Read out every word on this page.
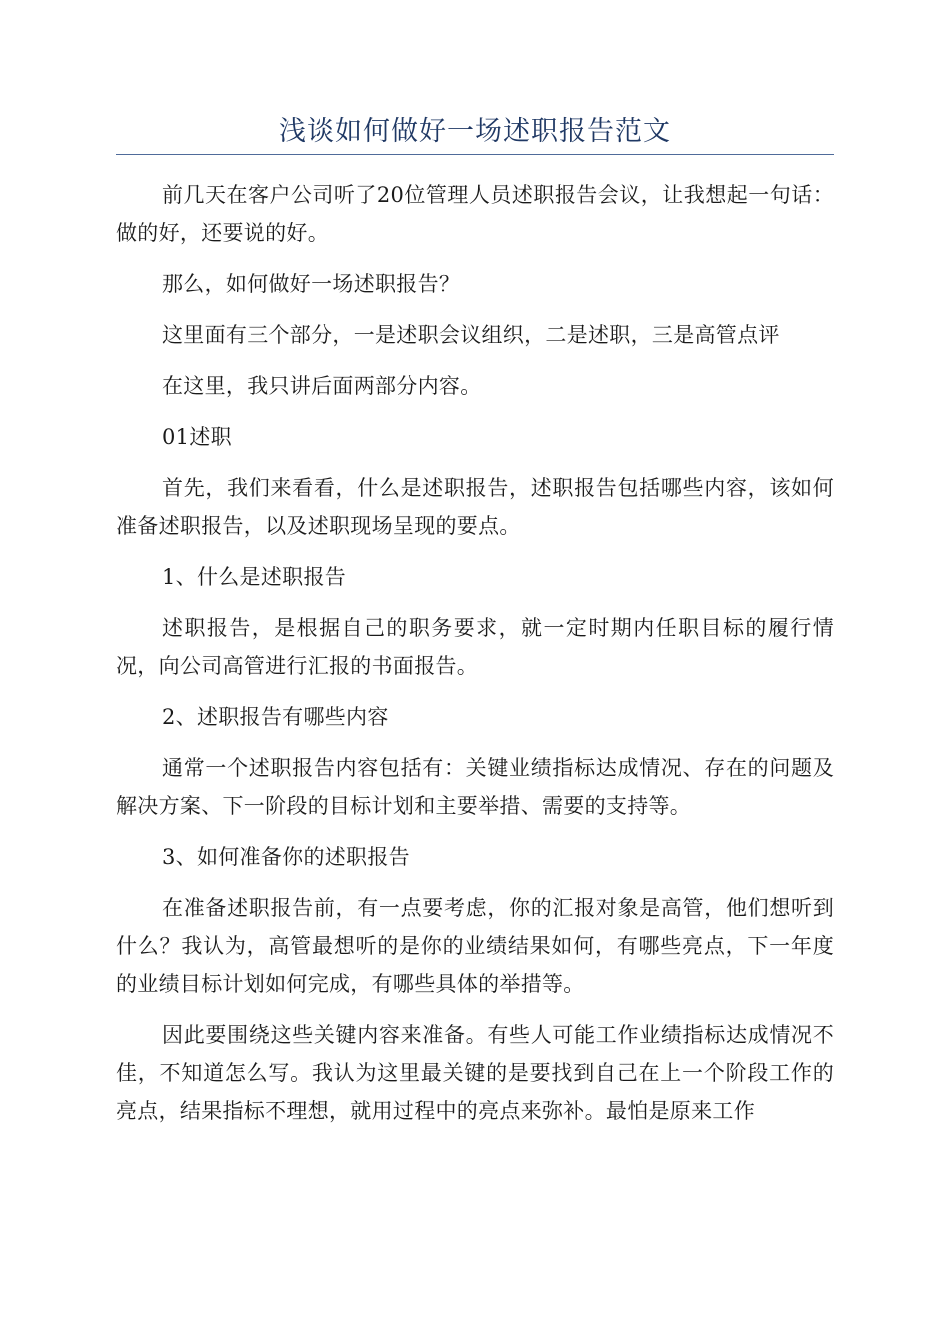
浅谈如何做好一场述职报告范文

前几天在客户公司听了20位管理人员述职报告会议，让我想起一句话：做的好，还要说的好。

那么，如何做好一场述职报告？

这里面有三个部分，一是述职会议组织，二是述职，三是高管点评

在这里，我只讲后面两部分内容。

01述职

首先，我们来看看，什么是述职报告，述职报告包括哪些内容，该如何准备述职报告，以及述职现场呈现的要点。

1、什么是述职报告

述职报告，是根据自己的职务要求，就一定时期内任职目标的履行情况，向公司高管进行汇报的书面报告。

2、述职报告有哪些内容

通常一个述职报告内容包括有：关键业绩指标达成情况、存在的问题及解决方案、下一阶段的目标计划和主要举措、需要的支持等。

3、如何准备你的述职报告

在准备述职报告前，有一点要考虑，你的汇报对象是高管，他们想听到什么？我认为，高管最想听的是你的业绩结果如何，有哪些亮点，下一年度的业绩目标计划如何完成，有哪些具体的举措等。

因此要围绕这些关键内容来准备。有些人可能工作业绩指标达成情况不佳，不知道怎么写。我认为这里最关键的是要找到自己在上一个阶段工作的亮点，结果指标不理想，就用过程中的亮点来弥补。最怕是原来工作
